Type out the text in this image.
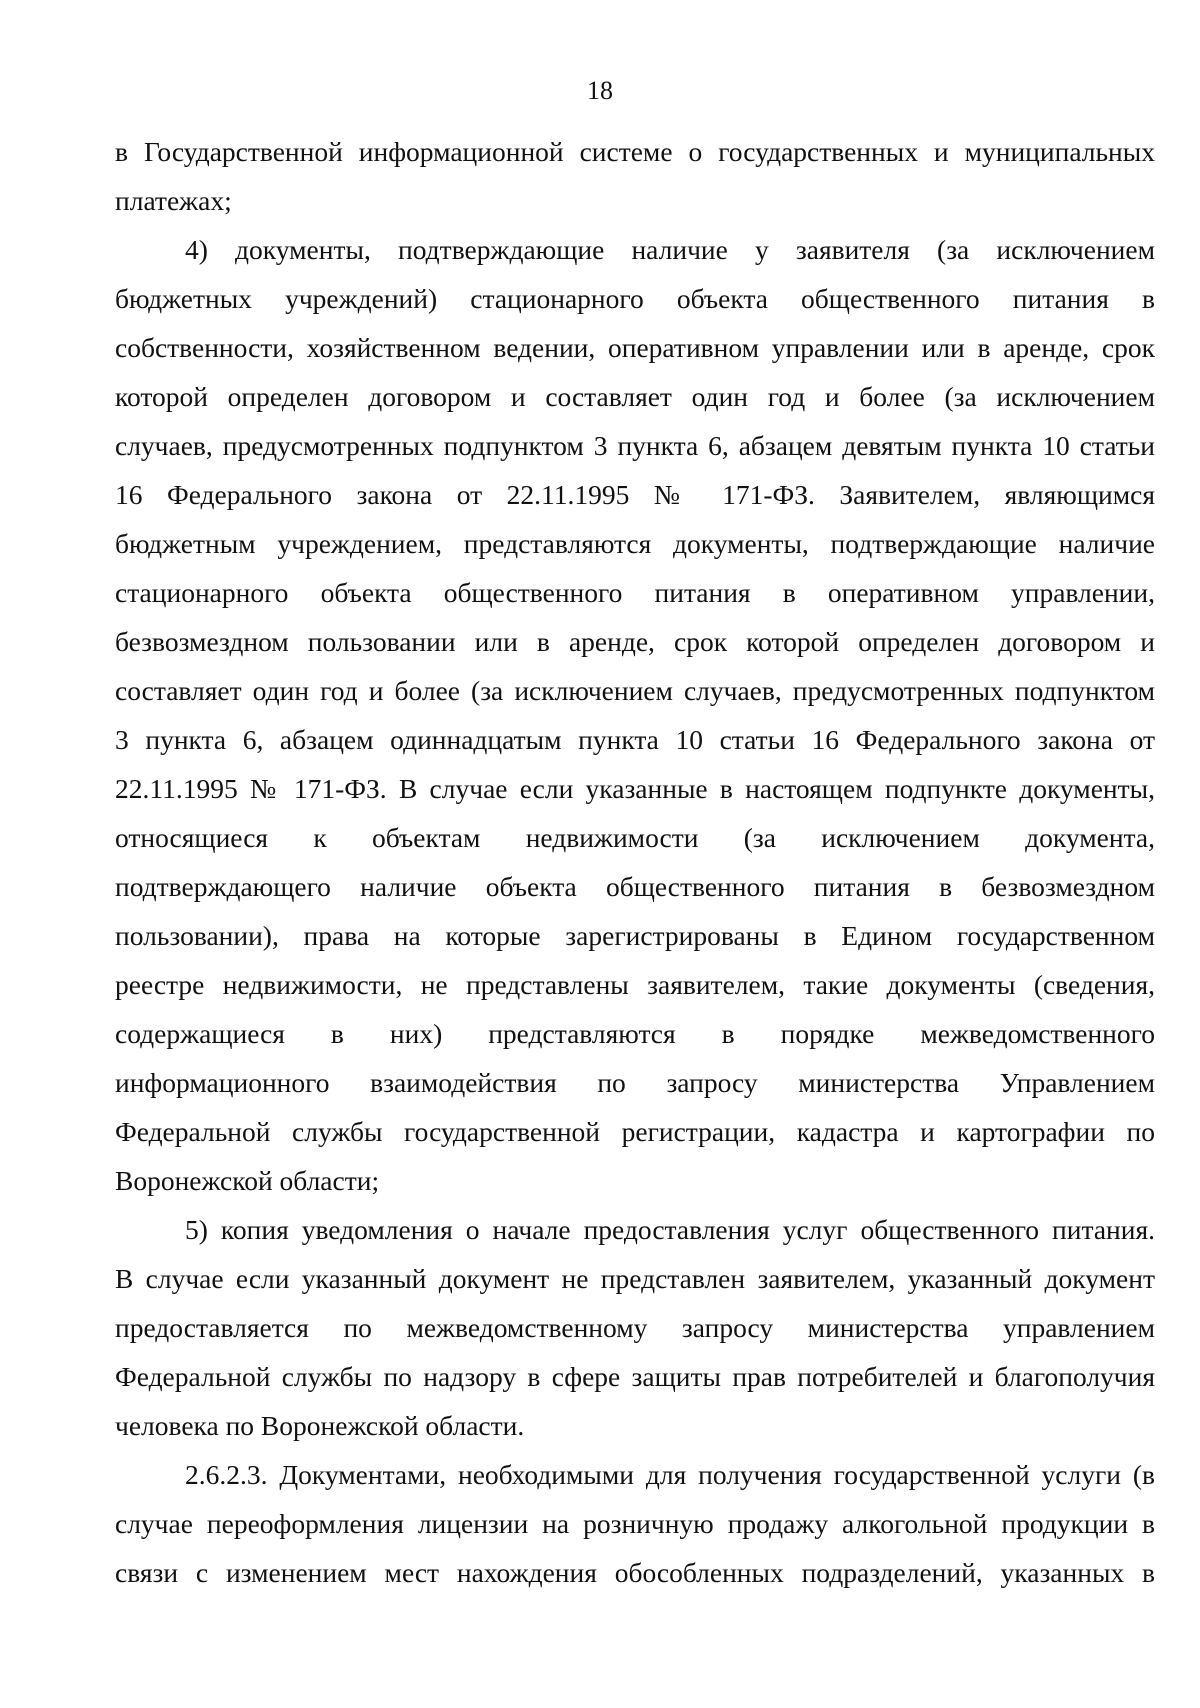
18
в Государственной информационной системе о государственных и муниципальных
платежах;
4) документы, подтверждающие наличие у заявителя (за исключением
бюджетных учреждений) стационарного объекта общественного питания в
собственности, хозяйственном ведении, оперативном управлении или в аренде, срок
которой определен договором и составляет один год и более (за исключением
случаев, предусмотренных подпунктом 3 пункта 6, абзацем девятым пункта 10 статьи
16 Федерального закона от 22.11.1995 № 171-ФЗ. Заявителем, являющимся
бюджетным учреждением, представляются документы, подтверждающие наличие
стационарного объекта общественного питания в оперативном управлении,
безвозмездном пользовании или в аренде, срок которой определен договором и
составляет один год и более (за исключением случаев, предусмотренных подпунктом
3 пункта 6, абзацем одиннадцатым пункта 10 статьи 16 Федерального закона от
22.11.1995 № 171-ФЗ. В случае если указанные в настоящем подпункте документы,
относящиеся к объектам недвижимости (за исключением документа,
подтверждающего наличие объекта общественного питания в безвозмездном
пользовании), права на которые зарегистрированы в Едином государственном
реестре недвижимости, не представлены заявителем, такие документы (сведения,
содержащиеся в них) представляются в порядке межведомственного
информационного взаимодействия по запросу министерства Управлением
Федеральной службы государственной регистрации, кадастра и картографии по
Воронежской области;
5) копия уведомления о начале предоставления услуг общественного питания.
В случае если указанный документ не представлен заявителем, указанный документ
предоставляется по межведомственному запросу министерства управлением
Федеральной службы по надзору в сфере защиты прав потребителей и благополучия
человека по Воронежской области.
2.6.2.3. Документами, необходимыми для получения государственной услуги (в
случае переоформления лицензии на розничную продажу алкогольной продукции в
связи с изменением мест нахождения обособленных подразделений, указанных в
